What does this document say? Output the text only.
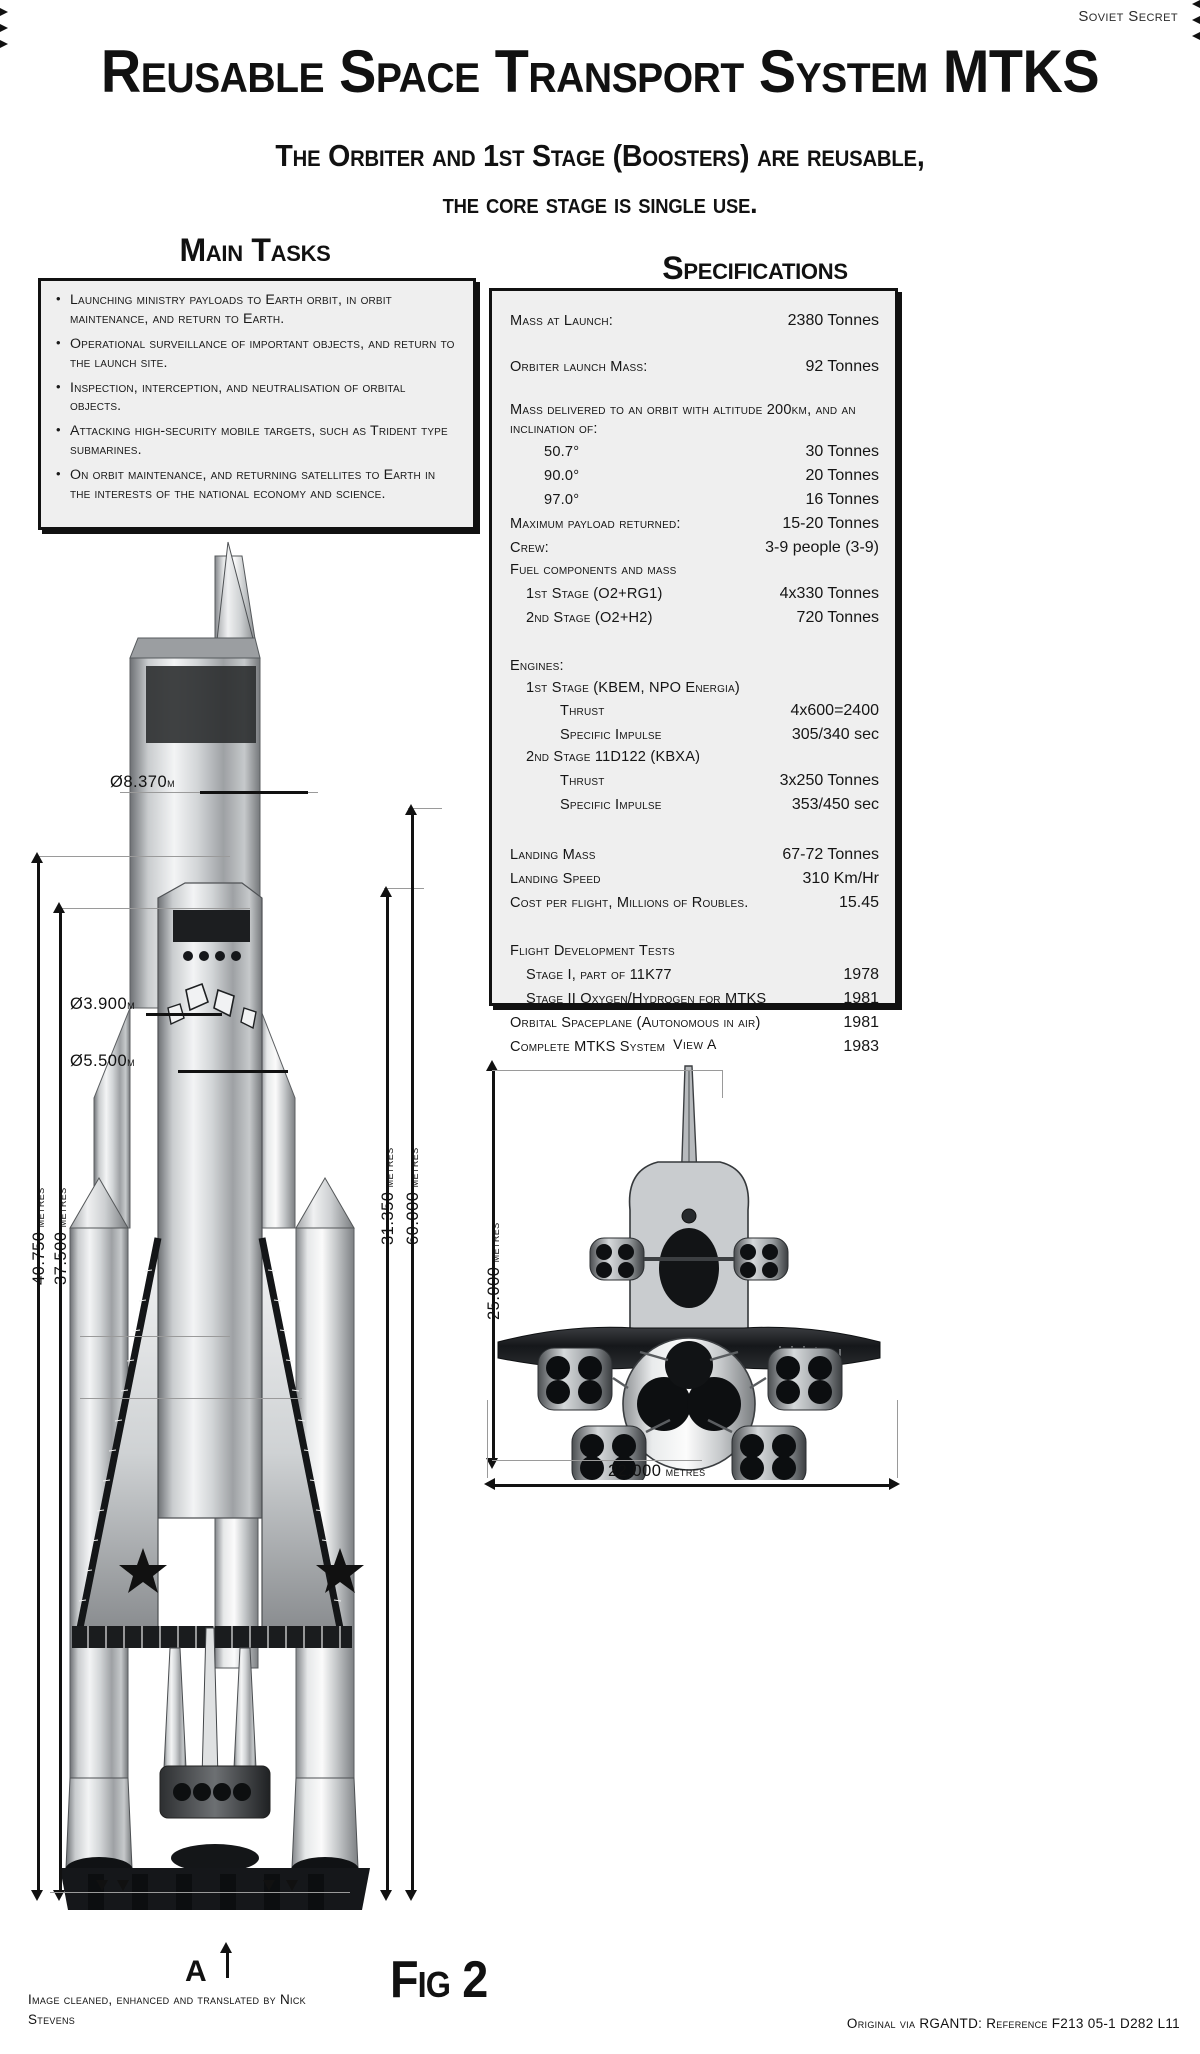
Soviet Secret
Reusable Space Transport System MTKS
The Orbiter and 1st Stage (Boosters) are reusable,
the core stage is single use.
Main Tasks
• Launching ministry payloads to Earth orbit, in orbit maintenance, and return to Earth.
• Operational surveillance of important objects, and return to the launch site.
• Inspection, interception, and neutralisation of orbital objects.
• Attacking high-security mobile targets, such as Trident type submarines.
• On orbit maintenance, and returning satellites to Earth in the interests of the national economy and science.
Specifications
Mass at Launch:	2380 Tonnes
Orbiter launch Mass:	92 Tonnes
Mass delivered to an orbit with altitude 200km, and an inclination of:
50.7°	30 Tonnes
90.0°	20 Tonnes
97.0°	16 Tonnes
Maximum payload returned:	15-20 Tonnes
Crew:	3-9 people (3-9)
Fuel components and mass
1st Stage (O2+RG1)	4x330 Tonnes
2nd Stage (O2+H2)	720 Tonnes
Engines:
1st Stage (KBEM, NPO Energia)
Thrust	4x600=2400
Specific Impulse	305/340 sec
2nd Stage 11D122 (KBXA)
Thrust	3x250 Tonnes
Specific Impulse	353/450 sec
Landing Mass	67-72 Tonnes
Landing Speed	310 Km/Hr
Cost per flight, Millions of Roubles.	15.45
Flight Development Tests
Stage I, part of 11K77	1978
Stage II Oxygen/Hydrogen for MTKS	1981
Orbital Spaceplane (Autonomous in air)	1981
Complete MTKS System	1983
Ø8.370m
Ø3.900m
Ø5.500m
40.750 metres
37.500 metres	31.350 metres
60.000 metres
View A
25.000 metres
22.000 metres
A	Fig 2
Image cleaned, enhanced and translated by Nick Stevens	Original via RGANTD: Reference F213 05-1 D282 L11
